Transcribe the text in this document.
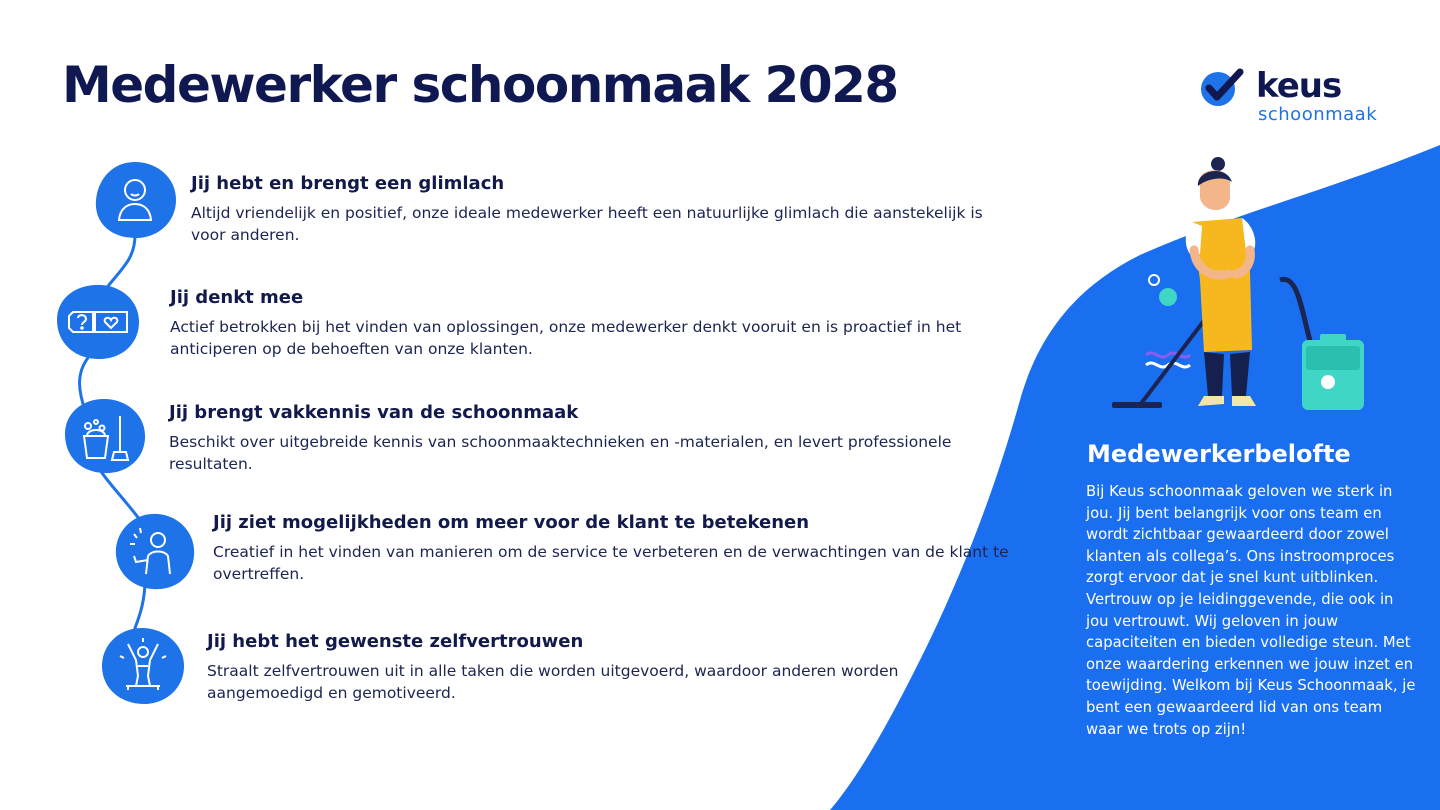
Medewerker schoonmaak 2028	keus
schoonmaak

Jij hebt en brengt een glimlach

Altijd vriendelijk en positief, onze ideale medewerker heeft een natuurlijke glimlach die aanstekelijk is voor anderen.

Jij denkt mee

Actief betrokken bij het vinden van oplossingen, onze medewerker denkt vooruit en is proactief in het anticiperen op de behoeften van onze klanten.

Jij brengt vakkennis van de schoonmaak

Beschikt over uitgebreide kennis van schoonmaaktechnieken en -materialen, en levert professionele resultaten.

Jij ziet mogelijkheden om meer voor de klant te betekenen

Creatief in het vinden van manieren om de service te verbeteren en de verwachtingen van de klant te overtreffen.

Jij hebt het gewenste zelfvertrouwen

Straalt zelfvertrouwen uit in alle taken die worden uitgevoerd, waardoor anderen worden aangemoedigd en gemotiveerd.

Medewerkerbelofte

Bij Keus schoonmaak geloven we sterk in jou. Jij bent belangrijk voor ons team en wordt zichtbaar gewaardeerd door zowel klanten als collega’s. Ons instroomproces zorgt ervoor dat je snel kunt uitblinken. Vertrouw op je leidinggevende, die ook in jou vertrouwt. Wij geloven in jouw capaciteiten en bieden volledige steun. Met onze waardering erkennen we jouw inzet en toewijding. Welkom bij Keus Schoonmaak, je bent een gewaardeerd lid van ons team waar we trots op zijn!
